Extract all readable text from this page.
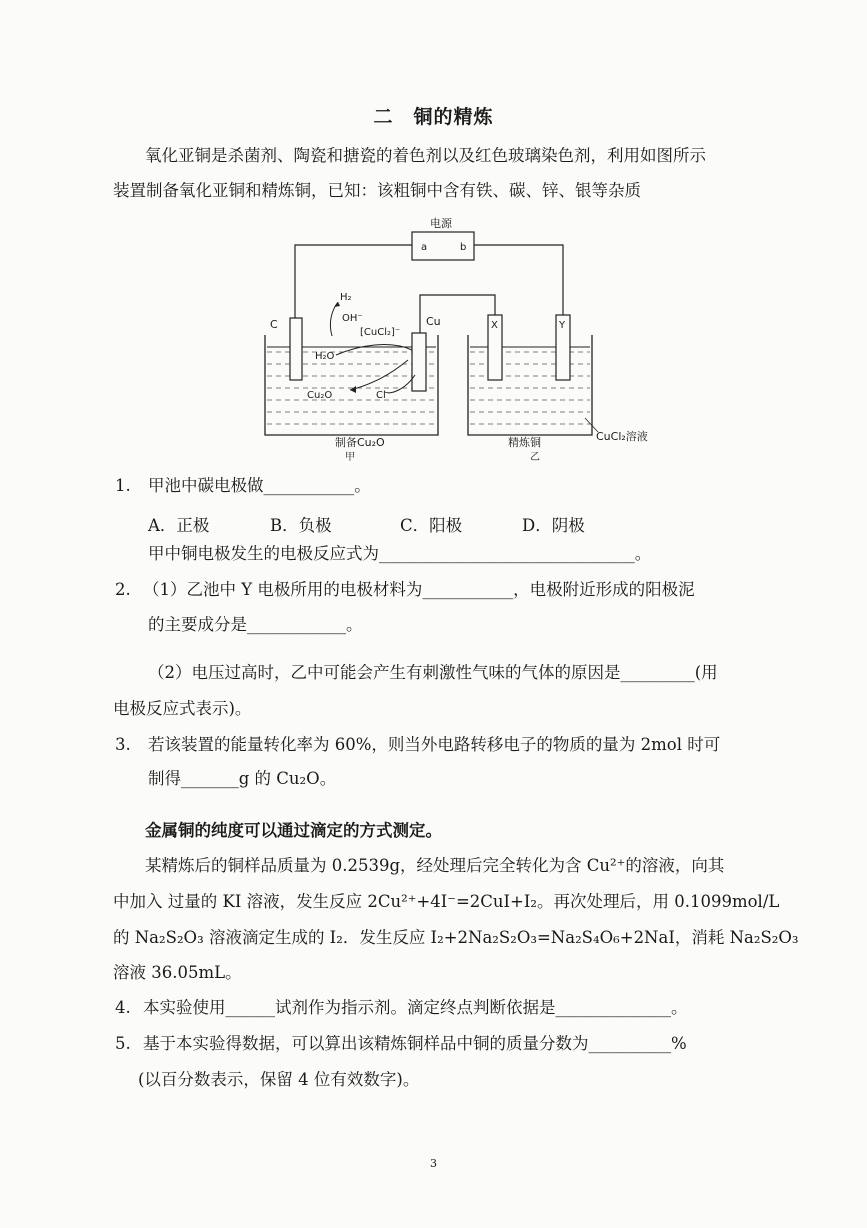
二　铜的精炼
氧化亚铜是杀菌剂、陶瓷和搪瓷的着色剂以及红色玻璃染色剂，利用如图所示
装置制备氧化亚铜和精炼铜，已知：该粗铜中含有铁、碳、锌、银等杂质
电源
a	b
C	Cu	X	Y
H₂
OH⁻
[CuCl₂]⁻
H₂O
Cu₂O	Cl⁻
制备Cu₂O
甲
精炼铜
乙
CuCl₂溶液
1. 甲池中碳电极做___________。
A．正极	B．负极	C．阳极	D．阴极
甲中铜电极发生的电极反应式为_______________________________。
2. （1）乙池中 Y 电极所用的电极材料为___________，电极附近形成的阳极泥
的主要成分是____________。
（2）电压过高时，乙中可能会产生有刺激性气味的气体的原因是_________(用
电极反应式表示)。
3. 若该装置的能量转化率为 60%，则当外电路转移电子的物质的量为 2mol 时可
制得_______g 的 Cu₂O。
金属铜的纯度可以通过滴定的方式测定。
某精炼后的铜样品质量为 0.2539g，经处理后完全转化为含 Cu²⁺的溶液，向其
中加入 过量的 KI 溶液，发生反应 2Cu²⁺+4I⁻=2CuI+I₂。再次处理后，用 0.1099mol/L
的 Na₂S₂O₃ 溶液滴定生成的 I₂．发生反应 I₂+2Na₂S₂O₃=Na₂S₄O₆+2NaI，消耗 Na₂S₂O₃
溶液 36.05mL。
4. 本实验使用______试剂作为指示剂。滴定终点判断依据是______________。
5. 基于本实验得数据，可以算出该精炼铜样品中铜的质量分数为__________%
(以百分数表示，保留 4 位有效数字)。
3
